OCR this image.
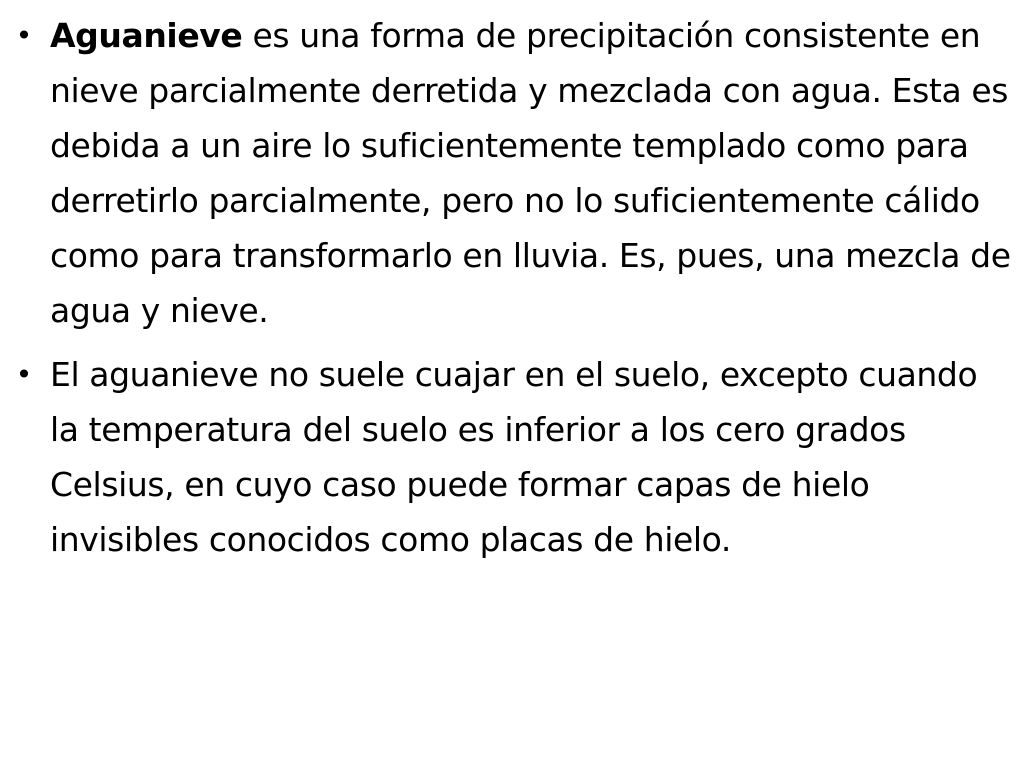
• Aguanieve es una forma de precipitación consistente en nieve parcialmente derretida y mezclada con agua. Esta es debida a un aire lo suficientemente templado como para derretirlo parcialmente, pero no lo suficientemente cálido como para transformarlo en lluvia. Es, pues, una mezcla de agua y nieve.
• El aguanieve no suele cuajar en el suelo, excepto cuando la temperatura del suelo es inferior a los cero grados Celsius, en cuyo caso puede formar capas de hielo invisibles conocidos como placas de hielo.
